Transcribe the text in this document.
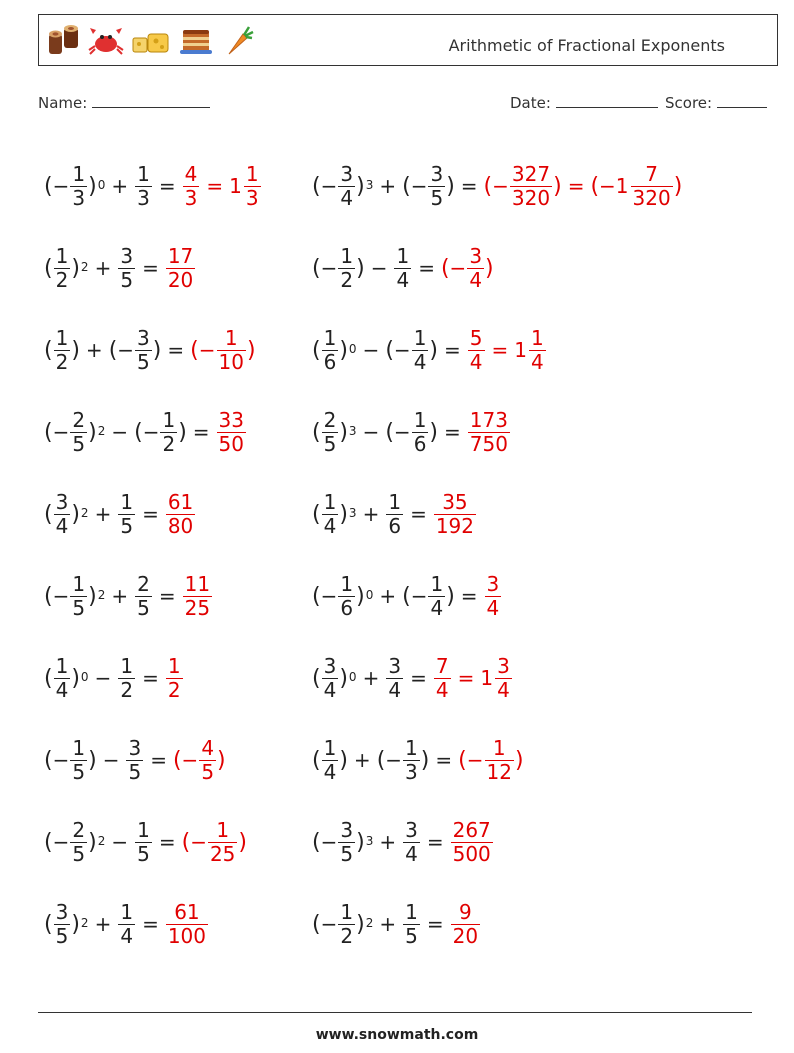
Arithmetic of Fractional Exponents
Name:	Date:	Score:
( − $\frac{1}{3}$ ) $0 + \frac{1}{3} = \frac{4}{3} = 1 \frac{1}{3}$
( $\frac{1}{2}$ ) $2 + \frac{3}{5} = \frac{17}{20}$
( $\frac{1}{2}$ ) + ( − $\frac{3}{5}$ ) = ( − $\frac{1}{10}$ )
( − $\frac{2}{5}$ ) 2 − ( − $\frac{1}{2}$ ) = $\frac{33}{50}$
( $\frac{3}{4}$ ) $2 + \frac{1}{5} = \frac{61}{80}$
( − $\frac{1}{5}$ ) $2 + \frac{2}{5} = \frac{11}{25}$
( $\frac{1}{4}$ ) $0 - \frac{1}{2} = \frac{1}{2}$
( − $\frac{1}{5}$ ) − $\frac{3}{5}$ = ( − $\frac{4}{5}$ )
( − $\frac{2}{5}$ ) $2 - \frac{1}{5}$ = ( − $\frac{1}{25}$ )
( $\frac{3}{5}$ ) $2 + \frac{1}{4} = \frac{61}{100}$
( − $\frac{3}{4}$ ) 3 + ( − $\frac{3}{5}$ ) = ( − $\frac{327}{320}$ ) = ( $-1 \frac{7}{320}$ )
( − $\frac{1}{2}$ ) − $\frac{1}{4}$ = ( − $\frac{3}{4}$ )
( $\frac{1}{6}$ ) 0 − ( − $\frac{1}{4}$ ) = $\frac{5}{4} = 1 \frac{1}{4}$
( $\frac{2}{5}$ ) 3 − ( − $\frac{1}{6}$ ) = $\frac{173}{750}$
( $\frac{1}{4}$ ) $3 + \frac{1}{6} = \frac{35}{192}$
( − $\frac{1}{6}$ ) 0 + ( − $\frac{1}{4}$ ) = $\frac{3}{4}$
( $\frac{3}{4}$ ) $0 + \frac{3}{4} = \frac{7}{4} = 1 \frac{3}{4}$
( $\frac{1}{4}$ ) + ( − $\frac{1}{3}$ ) = ( − $\frac{1}{12}$ )
( − $\frac{3}{5}$ ) $3 + \frac{3}{4} = \frac{267}{500}$
( − $\frac{1}{2}$ ) $2 + \frac{1}{5} = \frac{9}{20}$
www.snowmath.com
